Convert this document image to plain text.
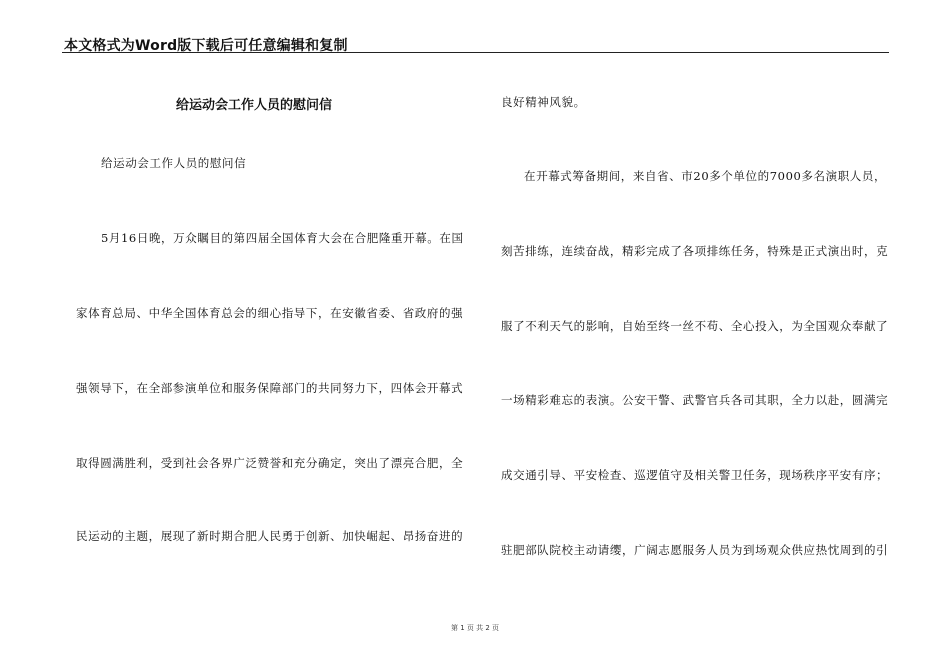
本文格式为Word版下载后可任意编辑和复制
给运动会工作人员的慰问信
给运动会工作人员的慰问信
5月16日晚，万众瞩目的第四届全国体育大会在合肥隆重开幕。在国
家体育总局、中华全国体育总会的细心指导下，在安徽省委、省政府的强
强领导下，在全部参演单位和服务保障部门的共同努力下，四体会开幕式
取得圆满胜利，受到社会各界广泛赞誉和充分确定，突出了漂亮合肥，全
民运动的主题，展现了新时期合肥人民勇于创新、加快崛起、昂扬奋进的
良好精神风貌。
在开幕式筹备期间，来自省、市20多个单位的7000多名演职人员，
刻苦排练，连续奋战，精彩完成了各项排练任务，特殊是正式演出时，克
服了不利天气的影响，自始至终一丝不苟、全心投入，为全国观众奉献了
一场精彩难忘的表演。公安干警、武警官兵各司其职，全力以赴，圆满完
成交通引导、平安检查、巡逻值守及相关警卫任务，现场秩序平安有序；
驻肥部队院校主动请缨，广阔志愿服务人员为到场观众供应热忱周到的引
第 1 页 共 2 页
